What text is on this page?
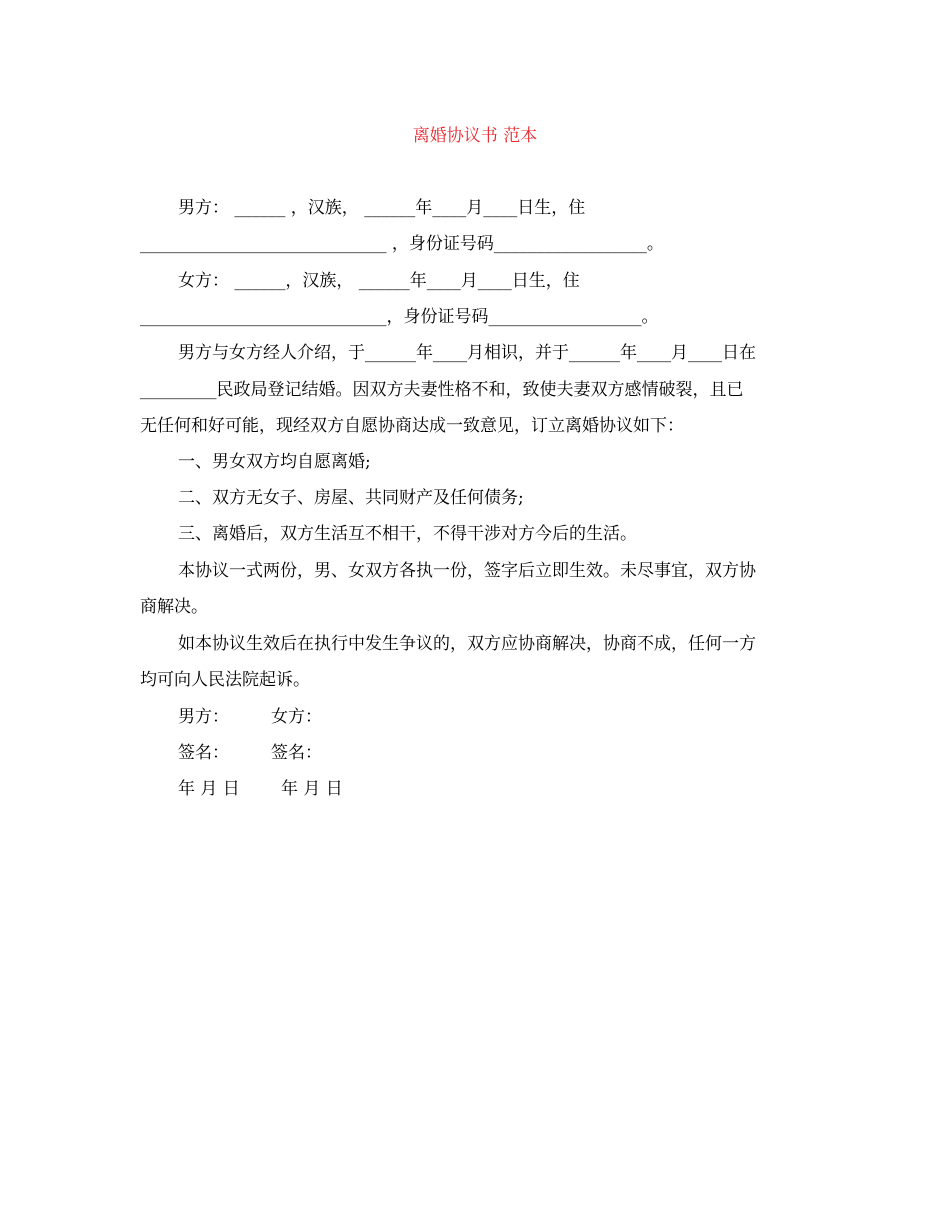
离婚协议书 范本
男方： ______ ，汉族， ______年____月____日生，住
_____________________________ ，身份证号码__________________。
女方： ______，汉族， ______年____月____日生，住
_____________________________，身份证号码__________________。
男方与女方经人介绍，于______年____月相识，并于______年____月____日在
_________民政局登记结婚。因双方夫妻性格不和，致使夫妻双方感情破裂，且已
无任何和好可能，现经双方自愿协商达成一致意见，订立离婚协议如下：
一、男女双方均自愿离婚;
二、双方无女子、房屋、共同财产及任何债务;
三、离婚后，双方生活互不相干，不得干涉对方今后的生活。
本协议一式两份，男、女双方各执一份，签字后立即生效。未尽事宜，双方协
商解决。
如本协议生效后在执行中发生争议的，双方应协商解决，协商不成，任何一方
均可向人民法院起诉。
男方： 女方：
签名： 签名：
年 月 日 年 月 日
